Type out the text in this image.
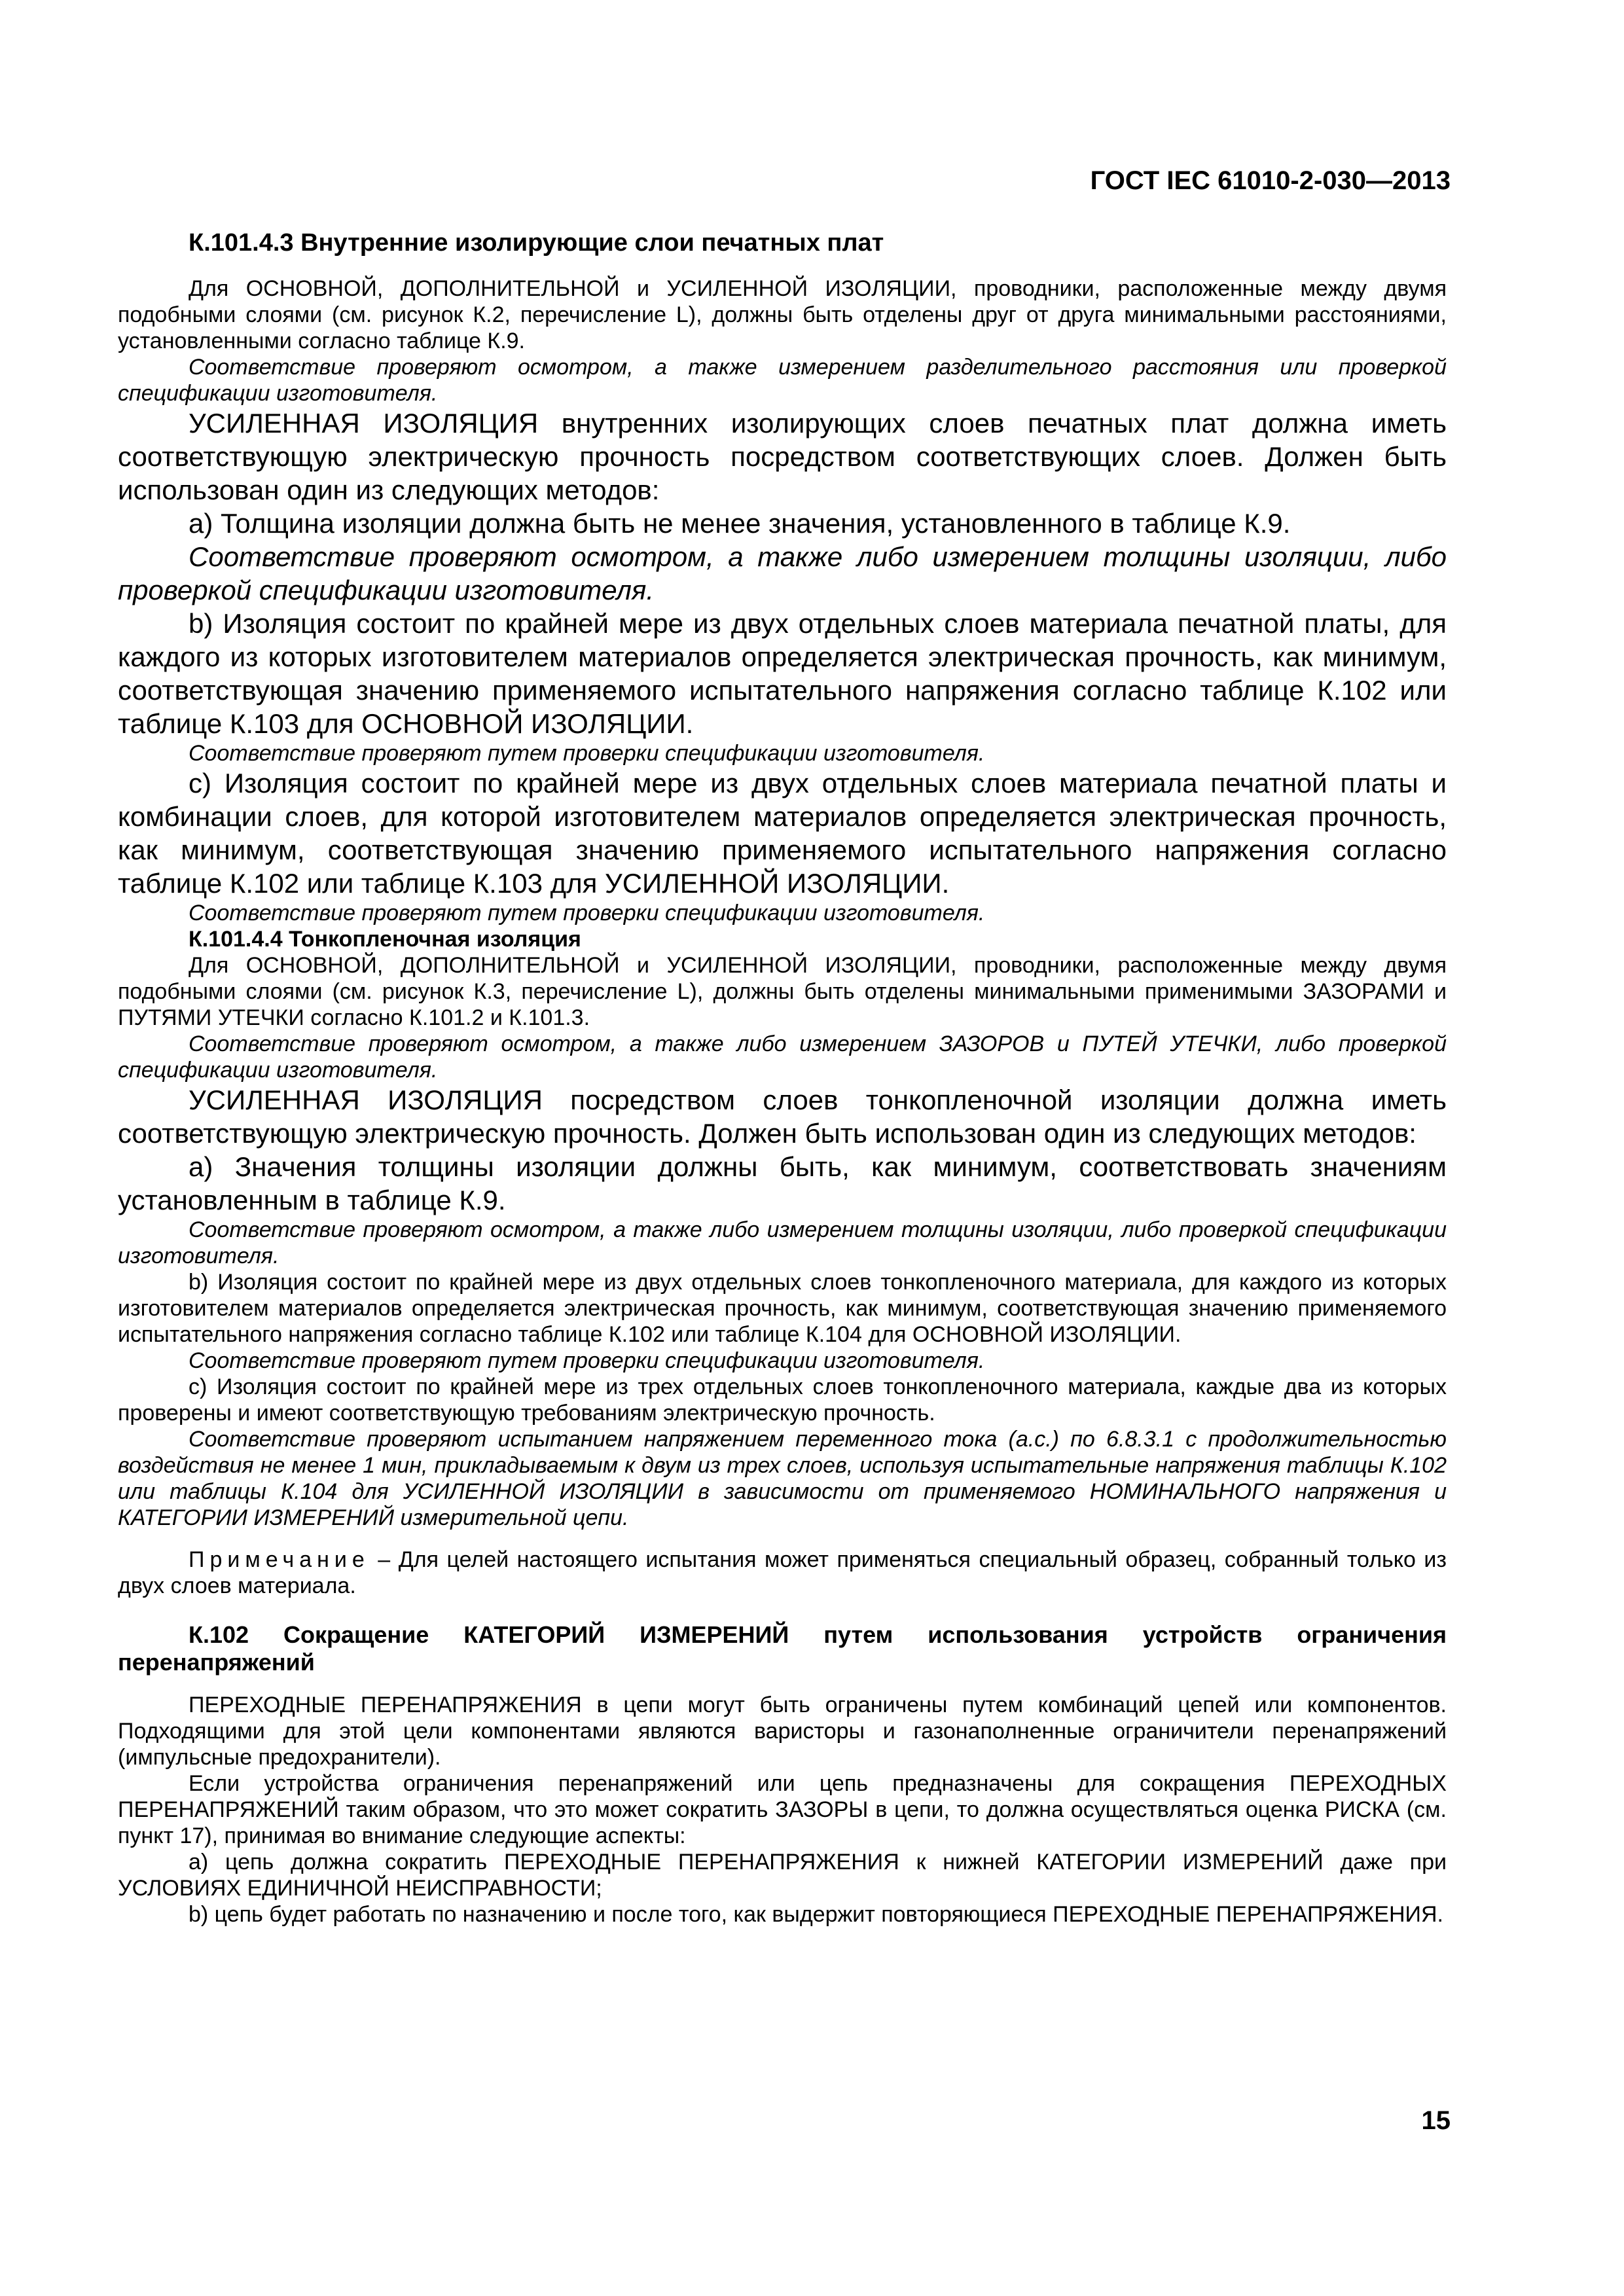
ГОСТ IEC 61010-2-030—2013

К.101.4.3 Внутренние изолирующие слои печатных плат

Для ОСНОВНОЙ, ДОПОЛНИТЕЛЬНОЙ и УСИЛЕННОЙ ИЗОЛЯЦИИ, проводники, расположенные между двумя подобными слоями (см. рисунок К.2, перечисление L), должны быть отделены друг от друга минимальными расстояниями, установленными согласно таблице К.9.

Соответствие проверяют осмотром, а также измерением разделительного расстояния или проверкой спецификации изготовителя.

УСИЛЕННАЯ ИЗОЛЯЦИЯ внутренних изолирующих слоев печатных плат должна иметь соответствующую электрическую прочность посредством соответствующих слоев. Должен быть использован один из следующих методов:

а) Толщина изоляции должна быть не менее значения, установленного в таблице К.9.

Соответствие проверяют осмотром, а также либо измерением толщины изоляции, либо проверкой спецификации изготовителя.

b) Изоляция состоит по крайней мере из двух отдельных слоев материала печатной платы, для каждого из которых изготовителем материалов определяется электрическая прочность, как минимум, соответствующая значению применяемого испытательного напряжения согласно таблице К.102 или таблице К.103 для ОСНОВНОЙ ИЗОЛЯЦИИ.

Соответствие проверяют путем проверки спецификации изготовителя.

с) Изоляция состоит по крайней мере из двух отдельных слоев материала печатной платы и комбинации слоев, для которой изготовителем материалов определяется электрическая прочность, как минимум, соответствующая значению применяемого испытательного напряжения согласно таблице К.102 или таблице К.103 для УСИЛЕННОЙ ИЗОЛЯЦИИ.

Соответствие проверяют путем проверки спецификации изготовителя.

К.101.4.4 Тонкопленочная изоляция

Для ОСНОВНОЙ, ДОПОЛНИТЕЛЬНОЙ и УСИЛЕННОЙ ИЗОЛЯЦИИ, проводники, расположенные между двумя подобными слоями (см. рисунок К.3, перечисление L), должны быть отделены минимальными применимыми ЗАЗОРАМИ и ПУТЯМИ УТЕЧКИ согласно К.101.2 и К.101.3.

Соответствие проверяют осмотром, а также либо измерением ЗАЗОРОВ и ПУТЕЙ УТЕЧКИ, либо проверкой спецификации изготовителя.

УСИЛЕННАЯ ИЗОЛЯЦИЯ посредством слоев тонкопленочной изоляции должна иметь соответствующую электрическую прочность. Должен быть использован один из следующих методов:

а) Значения толщины изоляции должны быть, как минимум, соответствовать значениям установленным в таблице К.9.

Соответствие проверяют осмотром, а также либо измерением толщины изоляции, либо проверкой спецификации изготовителя.

b) Изоляция состоит по крайней мере из двух отдельных слоев тонкопленочного материала, для каждого из которых изготовителем материалов определяется электрическая прочность, как минимум, соответствующая значению применяемого испытательного напряжения согласно таблице К.102 или таблице К.104 для ОСНОВНОЙ ИЗОЛЯЦИИ.

Соответствие проверяют путем проверки спецификации изготовителя.

с) Изоляция состоит по крайней мере из трех отдельных слоев тонкопленочного материала, каждые два из которых проверены и имеют соответствующую требованиям электрическую прочность.

Соответствие проверяют испытанием напряжением переменного тока (а.с.) по 6.8.3.1 с продолжительностью воздействия не менее 1 мин, прикладываемым к двум из трех слоев, используя испытательные напряжения таблицы К.102 или таблицы К.104 для УСИЛЕННОЙ ИЗОЛЯЦИИ в зависимости от применяемого НОМИНАЛЬНОГО напряжения и КАТЕГОРИИ ИЗМЕРЕНИЙ измерительной цепи.

Примечание – Для целей настоящего испытания может применяться специальный образец, собранный только из двух слоев материала.

К.102 Сокращение КАТЕГОРИЙ ИЗМЕРЕНИЙ путем использования устройств ограничения перенапряжений

ПЕРЕХОДНЫЕ ПЕРЕНАПРЯЖЕНИЯ в цепи могут быть ограничены путем комбинаций цепей или компонентов. Подходящими для этой цели компонентами являются варисторы и газонаполненные ограничители перенапряжений (импульсные предохранители).

Если устройства ограничения перенапряжений или цепь предназначены для сокращения ПЕРЕХОДНЫХ ПЕРЕНАПРЯЖЕНИЙ таким образом, что это может сократить ЗАЗОРЫ в цепи, то должна осуществляться оценка РИСКА (см. пункт 17), принимая во внимание следующие аспекты:

а) цепь должна сократить ПЕРЕХОДНЫЕ ПЕРЕНАПРЯЖЕНИЯ к нижней КАТЕГОРИИ ИЗМЕРЕНИЙ даже при УСЛОВИЯХ ЕДИНИЧНОЙ НЕИСПРАВНОСТИ;

b) цепь будет работать по назначению и после того, как выдержит повторяющиеся ПЕРЕХОДНЫЕ ПЕРЕНАПРЯЖЕНИЯ.

15
